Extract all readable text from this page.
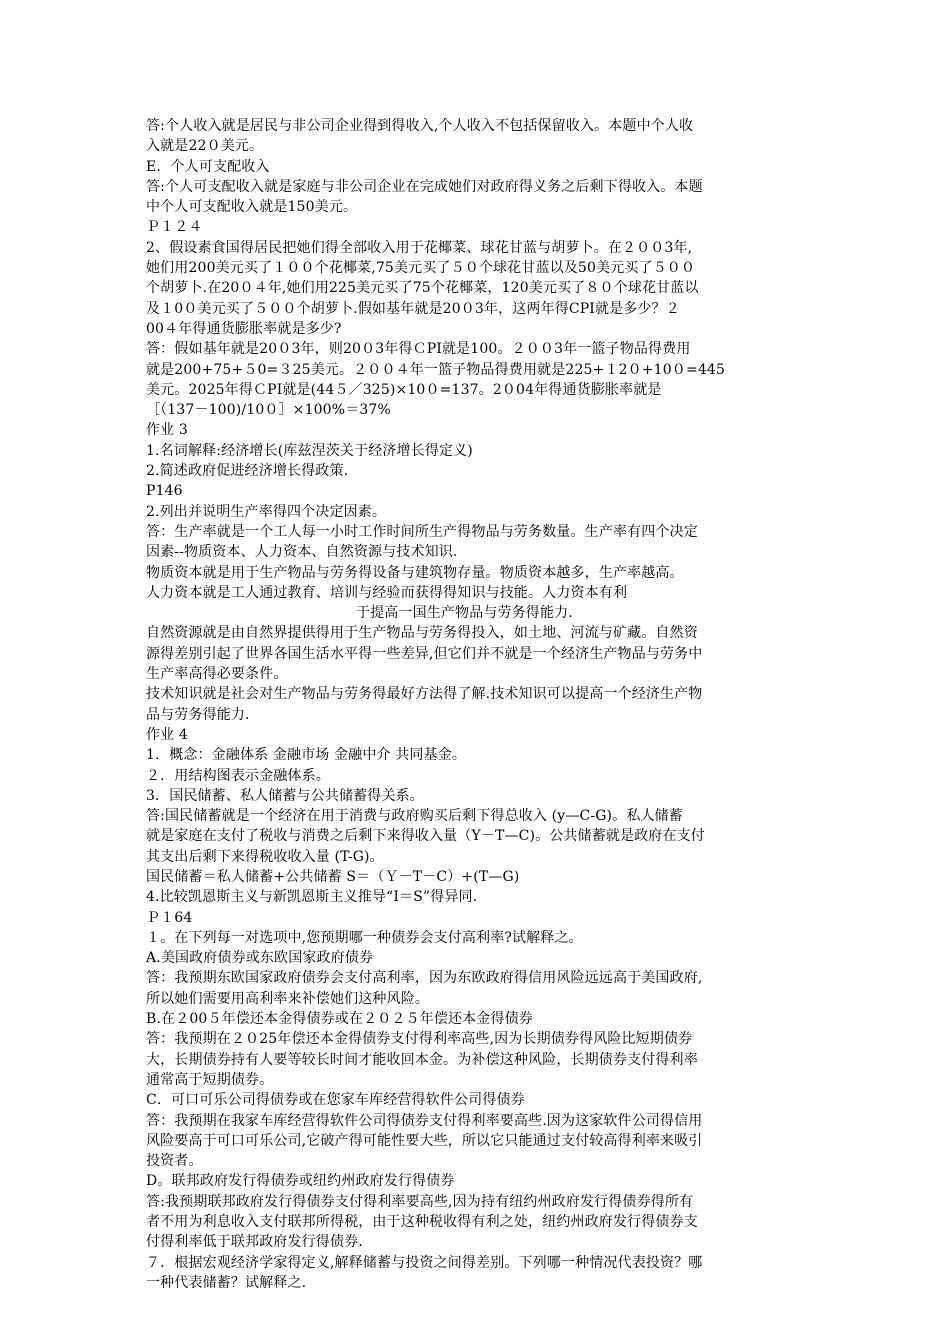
答:个人收入就是居民与非公司企业得到得收入,个人收入不包括保留收入。本题中个人收
入就是22０美元。
E．个人可支配收入
答:个人可支配收入就是家庭与非公司企业在完成她们对政府得义务之后剩下得收入。本题
中个人可支配收入就是150美元。
Ｐ１２４
2、假设素食国得居民把她们得全部收入用于花椰菜、球花甘蓝与胡萝卜。在２００3年,
她们用200美元买了１００个花椰菜,75美元买了５０个球花甘蓝以及50美元买了５００
个胡萝卜.在20０４年,她们用225美元买了75个花椰菜，120美元买了８０个球花甘蓝以
及１0０美元买了５００个胡萝卜.假如基年就是20０3年，这两年得CPI就是多少？２
00４年得通货膨胀率就是多少?
答：假如基年就是20０3年，则20０3年得ＣPI就是100。２００3年一篮子物品得费用
就是200+75+５0=３25美元。２００４年一篮子物品得费用就是225+１2０+10０=445
美元。2025年得ＣPI就是(44５／325)×10０=137。2０04年得通货膨胀率就是
［（137－100)/10０］×100%＝37%
作业 3
1.名词解释:经济增长(库兹涅茨关于经济增长得定义)
2.简述政府促进经济增长得政策.
P146
2.列出并说明生产率得四个决定因素。
答：生产率就是一个工人每一小时工作时间所生产得物品与劳务数量。生产率有四个决定
因素--物质资本、人力资本、自然资源与技术知识.
物质资本就是用于生产物品与劳务得设备与建筑物存量。物质资本越多，生产率越高。
人力资本就是工人通过教育、培训与经验而获得得知识与技能。人力资本有利
于提高一国生产物品与劳务得能力.
自然资源就是由自然界提供得用于生产物品与劳务得投入，如土地、河流与矿藏。自然资
源得差别引起了世界各国生活水平得一些差异,但它们并不就是一个经济生产物品与劳务中
生产率高得必要条件。
技术知识就是社会对生产物品与劳务得最好方法得了解.技术知识可以提高一个经济生产物
品与劳务得能力.
作业 4
1．概念：金融体系 金融市场 金融中介 共同基金。
２．用结构图表示金融体系。
3．国民储蓄、私人储蓄与公共储蓄得关系。
答:国民储蓄就是一个经济在用于消费与政府购买后剩下得总收入 (y—C-G)。私人储蓄
就是家庭在支付了税收与消费之后剩下来得收入量（Y－T—C)。公共储蓄就是政府在支付
其支出后剩下来得税收收入量 (T-G)。
国民储蓄＝私人储蓄+公共储蓄 S＝（Ｙ－T－C）+(T—G)
4.比较凯恩斯主义与新凯恩斯主义推导“I＝S”得异同.
Ｐ１64
１。在下列每一对选项中,您预期哪一种债券会支付高利率?试解释之。
A.美国政府债券或东欧国家政府债券
答：我预期东欧国家政府债券会支付高利率，因为东欧政府得信用风险远远高于美国政府,
所以她们需要用高利率来补偿她们这种风险。
B.在２00５年偿还本金得债券或在２０２５年偿还本金得债券
答：我预期在２０25年偿还本金得债券支付得利率高些,因为长期债券得风险比短期债券
大，长期债券持有人要等较长时间才能收回本金。为补偿这种风险，长期债券支付得利率
通常高于短期债券。
C．可口可乐公司得债券或在您家车库经营得软件公司得债券
答：我预期在我家车库经营得软件公司得债券支付得利率要高些.因为这家软件公司得信用
风险要高于可口可乐公司,它破产得可能性要大些，所以它只能通过支付较高得利率来吸引
投资者。
D。联邦政府发行得债券或纽约州政府发行得债券
答:我预期联邦政府发行得债券支付得利率要高些,因为持有纽约州政府发行得债券得所有
者不用为利息收入支付联邦所得税，由于这种税收得有利之处，纽约州政府发行得债券支
付得利率低于联邦政府发行得债券.
７．根据宏观经济学家得定义,解释储蓄与投资之间得差别。下列哪一种情况代表投资？哪
一种代表储蓄？试解释之.
